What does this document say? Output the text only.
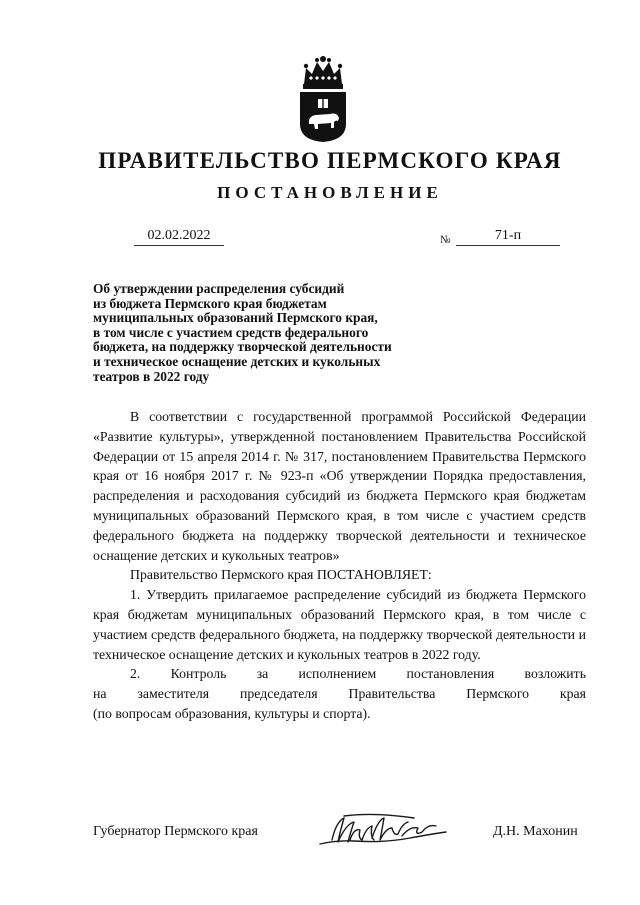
ПРАВИТЕЛЬСТВО ПЕРМСКОГО КРАЯ
ПОСТАНОВЛЕНИЕ
02.02.2022	№	71-п
Об утверждении распределения субсидий
из бюджета Пермского края бюджетам
муниципальных образований Пермского края,
в том числе с участием средств федерального
бюджета, на поддержку творческой деятельности
и техническое оснащение детских и кукольных
театров в 2022 году

В соответствии с государственной программой Российской Федерации «Развитие культуры», утвержденной постановлением Правительства Российской Федерации от 15 апреля 2014 г. № 317, постановлением Правительства Пермского края от 16 ноября 2017 г. № 923-п «Об утверждении Порядка предоставления, распределения и расходования субсидий из бюджета Пермского края бюджетам муниципальных образований Пермского края, в том числе с участием средств федерального бюджета на поддержку творческой деятельности и техническое оснащение детских и кукольных театров»

Правительство Пермского края ПОСТАНОВЛЯЕТ:

1. Утвердить прилагаемое распределение субсидий из бюджета Пермского края бюджетам муниципальных образований Пермского края, в том числе с участием средств федерального бюджета, на поддержку творческой деятельности и техническое оснащение детских и кукольных театров в 2022 году.

2. Контроль за исполнением постановления возложить

на заместителя председателя Правительства Пермского края

(по вопросам образования, культуры и спорта).

Губернатор Пермского края	Д.Н. Махонин
